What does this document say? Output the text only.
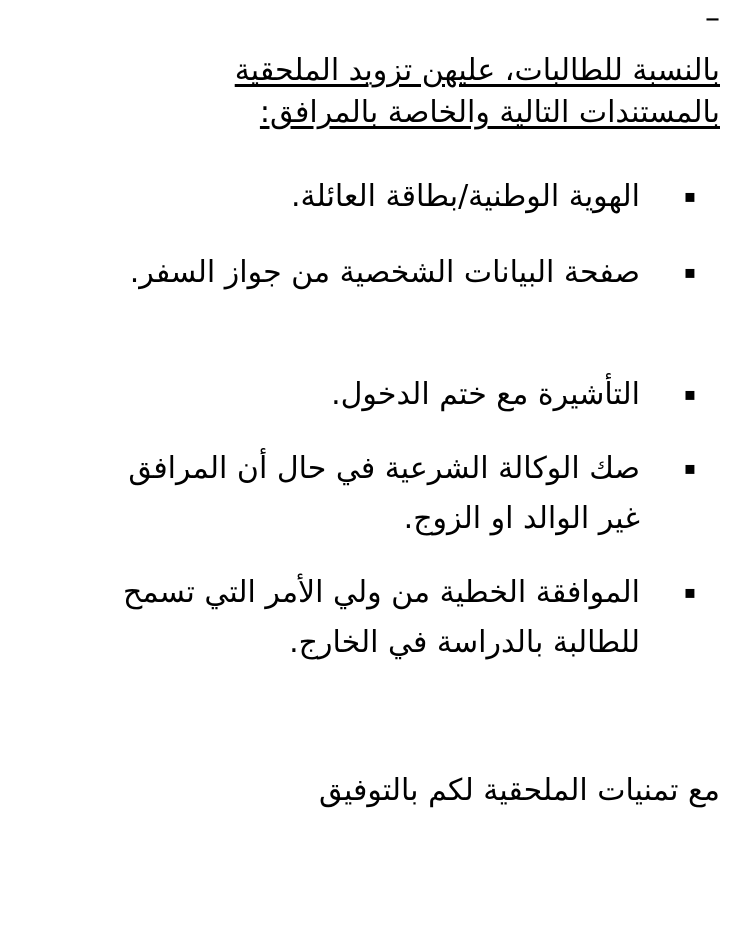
–
بالنسبة للطالبات، عليهن تزويد الملحقية
بالمستندات التالية والخاصة بالمرافق:
▪
الهوية الوطنية/بطاقة العائلة.
▪
صفحة البيانات الشخصية من جواز السفر.
▪
التأشيرة مع ختم الدخول.
▪
صك الوكالة الشرعية في حال أن المرافق غير الوالد او الزوج.
▪
الموافقة الخطية من ولي الأمر التي تسمح للطالبة بالدراسة في الخارج.
مع تمنيات الملحقية لكم بالتوفيق
